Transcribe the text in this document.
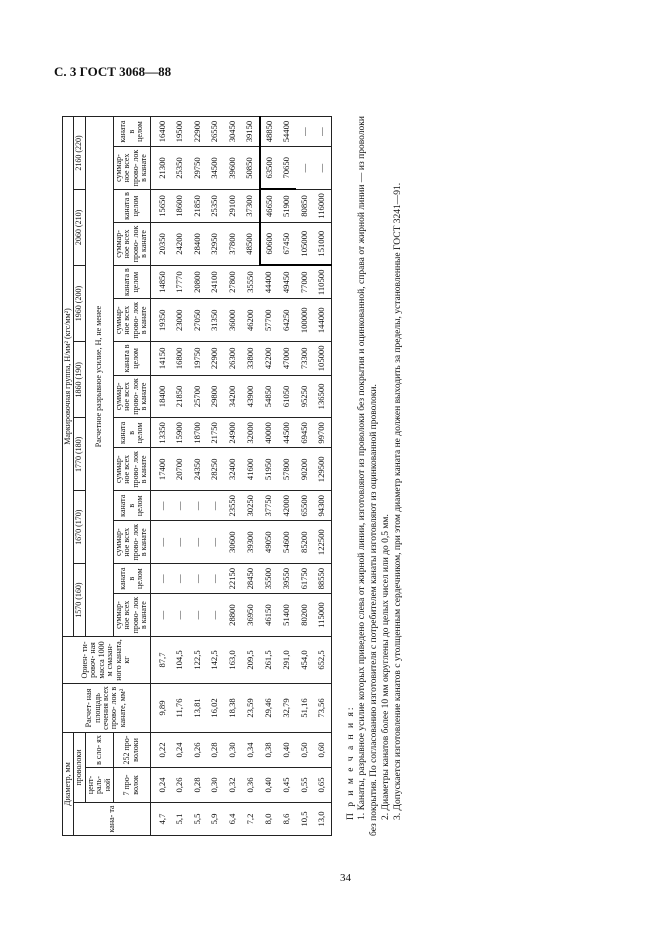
С. 3 ГОСТ 3068—88
Диаметр, мм			Расчет- ная площадь сечения всех прово- лок в канате, мм²	Ориен- ти- ровоч- ная масса 1000 м смазан- ного каната, кг	Маркировочная группа, Н/мм² (кгс/мм²)													
кана- та	проволоки				1570 (160)		1670 (170)		1770 (180)		1860 (190)		1960 (200)		2060 (210)		2160 (220)	
	цент- раль- ной	в сло- ях			Расчетное разрывное усилие, Н, не менее													
	7 про- волок	252 про- волоки			суммар- ное всех прово- лок в канате	каната в целом	суммар- ное всех прово- лок в канате	каната в целом	суммар- ное всех прово- лок в канате	каната в целом	суммар- ное всех прово- лок в канате	каната в целом	суммар- ное всех прово- лок в канате	каната в целом	суммар- ное всех прово- лок в канате	каната в целом	суммар- ное всех прово- лок в канате	каната в целом
4,7	0,24	0,22	9,89	87,7	—	—	—	—	17400	13350	18400	14150	19350	14850	20350	15650	21300	16400
5,1	0,26	0,24	11,76	104,5	—	—	—	—	20700	15900	21850	16800	23000	17770	24200	18600	25350	19500
5,5	0,28	0,26	13,81	122,5	—	—	—	—	24350	18700	25700	19750	27050	20800	28400	21850	29750	22900
5,9	0,30	0,28	16,02	142,5	—	—	—	—	28250	21750	29800	22900	31350	24100	32950	25350	34500	26550
6,4	0,32	0,30	18,38	163,0	28800	22150	30600	23550	32400	24900	34200	26300	36000	27800	37800	29100	39600	30450
7,2	0,36	0,34	23,59	209,5	36950	28450	39300	30250	41600	32000	43900	33800	46200	35550	48500	37300	50850	39150
8,0	0,40	0,38	29,46	261,5	46150	35500	49050	37750	51950	40000	54850	42200	57700	44400	60600	46650	63500	48850
8,6	0,45	0,40	32,79	291,0	51400	39550	54600	42000	57800	44500	61050	47000	64250	49450	67450	51900	70650	54400
10,5	0,55	0,50	51,16	454,0	80200	61750	85200	65500	90200	69450	95250	73300	100000	77000	105000	80850	—	—
13,0	0,65	0,60	73,56	652,5	115000	88550	122500	94300	129500	99700	136500	105000	144000	110500	151000	116000	—	—
П р и м е ч а н и я: 1. Канаты, разрывное усилие которых приведено слева от жирной линии, изготовляют из проволоки без покрытия и оцинкованной, справа от жирной линии — из проволоки без покрытия. По согласованию изготовителя с потребителем канаты изготовляют из оцинкованной проволоки. 2. Диаметры канатов более 10 мм округлены до целых чисел или до 0,5 мм. 3. Допускается изготовление канатов с утолщенным сердечником, при этом диаметр каната не должен выходить за пределы, установленные ГОСТ 3241—91.

34
